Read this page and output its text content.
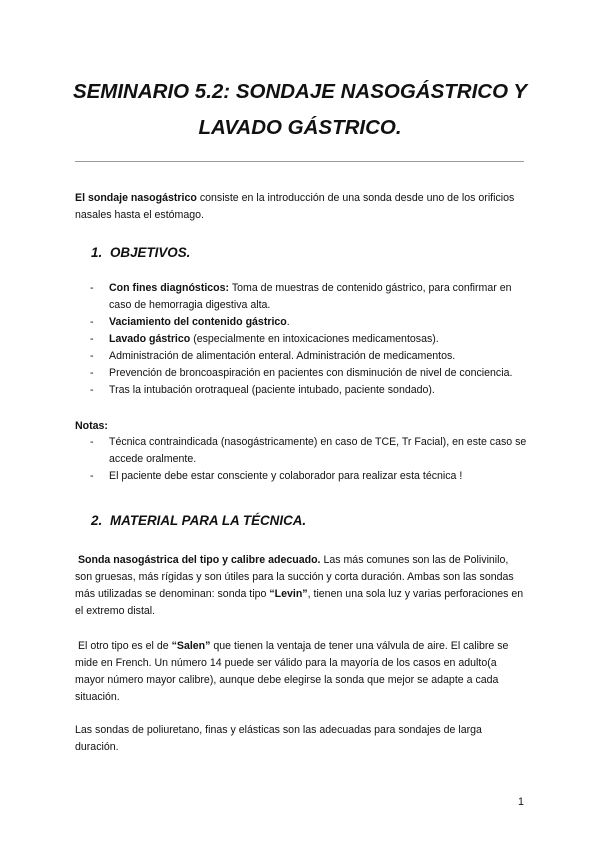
SEMINARIO 5.2: SONDAJE NASOGÁSTRICO Y
LAVADO GÁSTRICO.

El sondaje nasogástrico consiste en la introducción de una sonda desde uno de los orificios nasales hasta el estómago.

1. OBJETIVOS.
- Con fines diagnósticos: Toma de muestras de contenido gástrico, para confirmar en caso de hemorragia digestiva alta.
- Vaciamiento del contenido gástrico.
- Lavado gástrico (especialmente en intoxicaciones medicamentosas).
- Administración de alimentación enteral. Administración de medicamentos.
- Prevención de broncoaspiración en pacientes con disminución de nivel de conciencia.
- Tras la intubación orotraqueal (paciente intubado, paciente sondado).

Notas:

- Técnica contraindicada (nasogástricamente) en caso de TCE, Tr Facial), en este caso se accede oralmente.
- El paciente debe estar consciente y colaborador para realizar esta técnica !
2. MATERIAL PARA LA TÉCNICA.

Sonda nasogástrica del tipo y calibre adecuado. Las más comunes son las de Polivinilo, son gruesas, más rígidas y son útiles para la succión y corta duración. Ambas son las sondas más utilizadas se denominan: sonda tipo “Levin”, tienen una sola luz y varias perforaciones en el extremo distal.

El otro tipo es el de “Salen” que tienen la ventaja de tener una válvula de aire. El calibre se mide en French. Un número 14 puede ser válido para la mayoría de los casos en adulto(a mayor número mayor calibre), aunque debe elegirse la sonda que mejor se adapte a cada situación.

Las sondas de poliuretano, finas y elásticas son las adecuadas para sondajes de larga duración.

1
